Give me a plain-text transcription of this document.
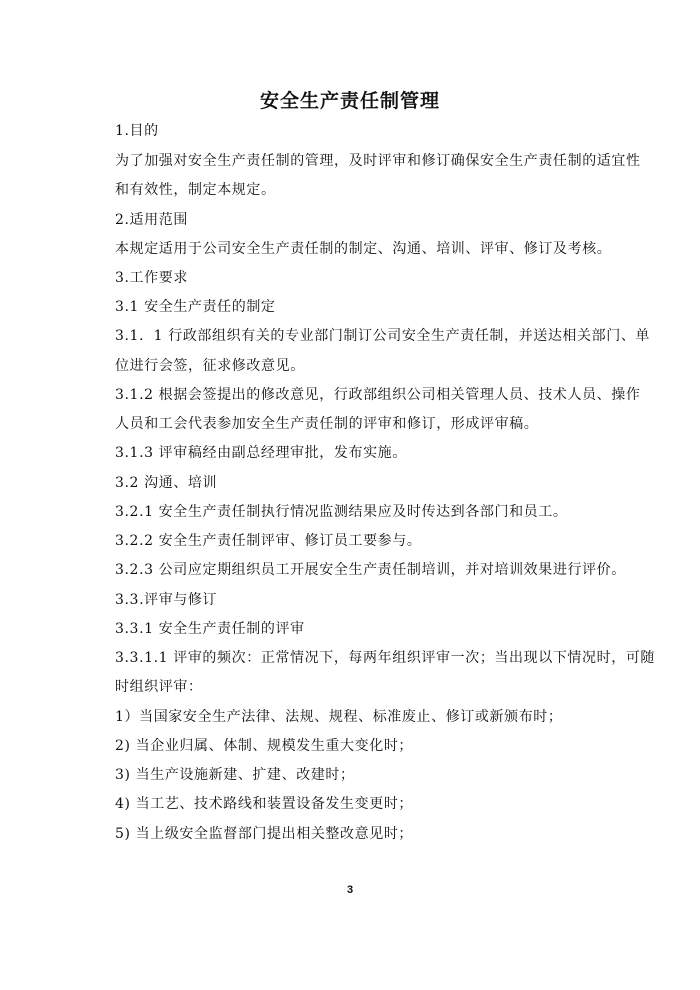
安全生产责任制管理
1.目的
为了加强对安全生产责任制的管理，及时评审和修订确保安全生产责任制的适宜性
和有效性，制定本规定。
2.适用范围
本规定适用于公司安全生产责任制的制定、沟通、培训、评审、修订及考核。
3.工作要求
3.1 安全生产责任的制定
3.1．1 行政部组织有关的专业部门制订公司安全生产责任制，并送达相关部门、单
位进行会签，征求修改意见。
3.1.2 根据会签提出的修改意见，行政部组织公司相关管理人员、技术人员、操作
人员和工会代表参加安全生产责任制的评审和修订，形成评审稿。
3.1.3 评审稿经由副总经理审批，发布实施。
3.2 沟通、培训
3.2.1 安全生产责任制执行情况监测结果应及时传达到各部门和员工。
3.2.2 安全生产责任制评审、修订员工要参与。
3.2.3 公司应定期组织员工开展安全生产责任制培训，并对培训效果进行评价。
3.3.评审与修订
3.3.1 安全生产责任制的评审
3.3.1.1 评审的频次：正常情况下，每两年组织评审一次；当出现以下情况时，可随
时组织评审：
1）当国家安全生产法律、法规、规程、标准废止、修订或新颁布时；
2) 当企业归属、体制、规模发生重大变化时；
3) 当生产设施新建、扩建、改建时；
4) 当工艺、技术路线和装置设备发生变更时；
5) 当上级安全监督部门提出相关整改意见时；
3
